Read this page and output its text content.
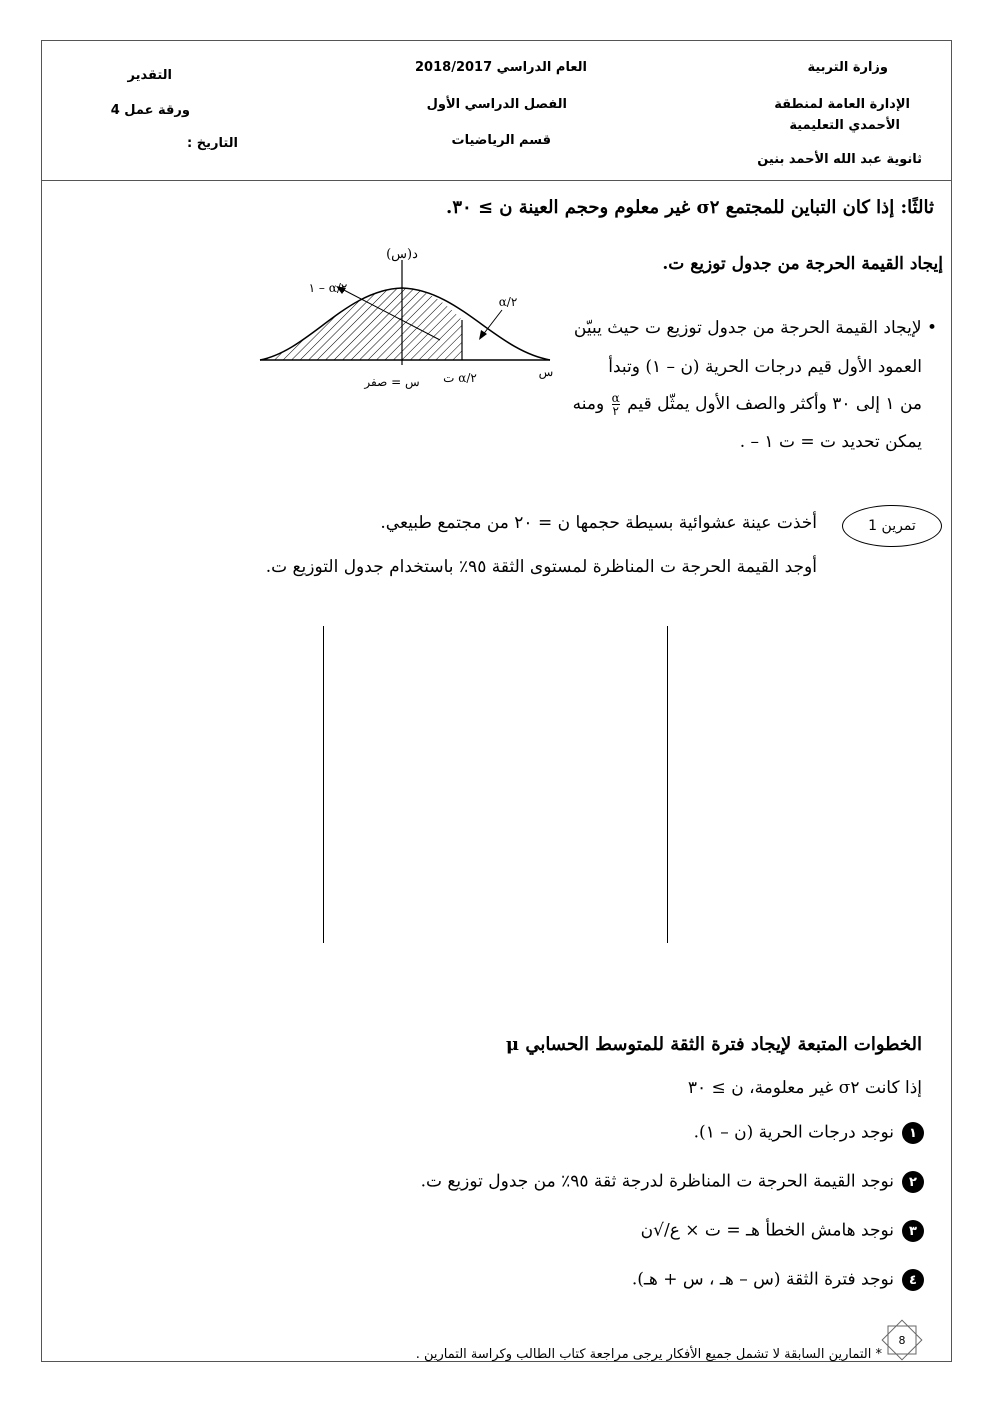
وزارة التربية
الإدارة العامة لمنطقة
الأحمدي التعليمية
ثانوية عبد الله الأحمد بنين
العام الدراسي 2018/2017
الفصل الدراسي الأول
قسم الرياضيات
التقدير
ورقة عمل 4
التاريخ :
ثالثًا: إذا كان التباين للمجتمع σ٢ غير معلوم وحجم العينة ن ≥ ٣٠.
إيجاد القيمة الحرجة من جدول توزيع ت.
• لإيجاد القيمة الحرجة من جدول توزيع ت حيث يبيّن
العمود الأول قيم درجات الحرية (ن – ١) وتبدأ
من ١ إلى ٣٠ وأكثر والصف الأول يمثّل قيم
$\frac{\alpha}{٢}$
ومنه
يمكن تحديد ت = ت ١ – .
د(س)
١ – α/٢
α/٢
س = صفر ت α/٢	س
تمرين 1
أخذت عينة عشوائية بسيطة حجمها ن = ٢٠ من مجتمع طبيعي.
أوجد القيمة الحرجة ت المناظرة لمستوى الثقة ٩٥٪ باستخدام جدول التوزيع ت.
الخطوات المتبعة لإيجاد فترة الثقة للمتوسط الحسابي μ
إذا كانت σ٢ غير معلومة، ن ≥ ٣٠
١نوجد درجات الحرية (ن – ١).
٢نوجد القيمة الحرجة ت المناظرة لدرجة ثقة ٩٥٪ من جدول توزيع ت.
٣نوجد هامش الخطأ هـ = ت × ع/√ن
٤نوجد فترة الثقة (س – هـ ، س + هـ).
* التمارين السابقة لا تشمل جميع الأفكار يرجى مراجعة كتاب الطالب وكراسة التمارين .
8
